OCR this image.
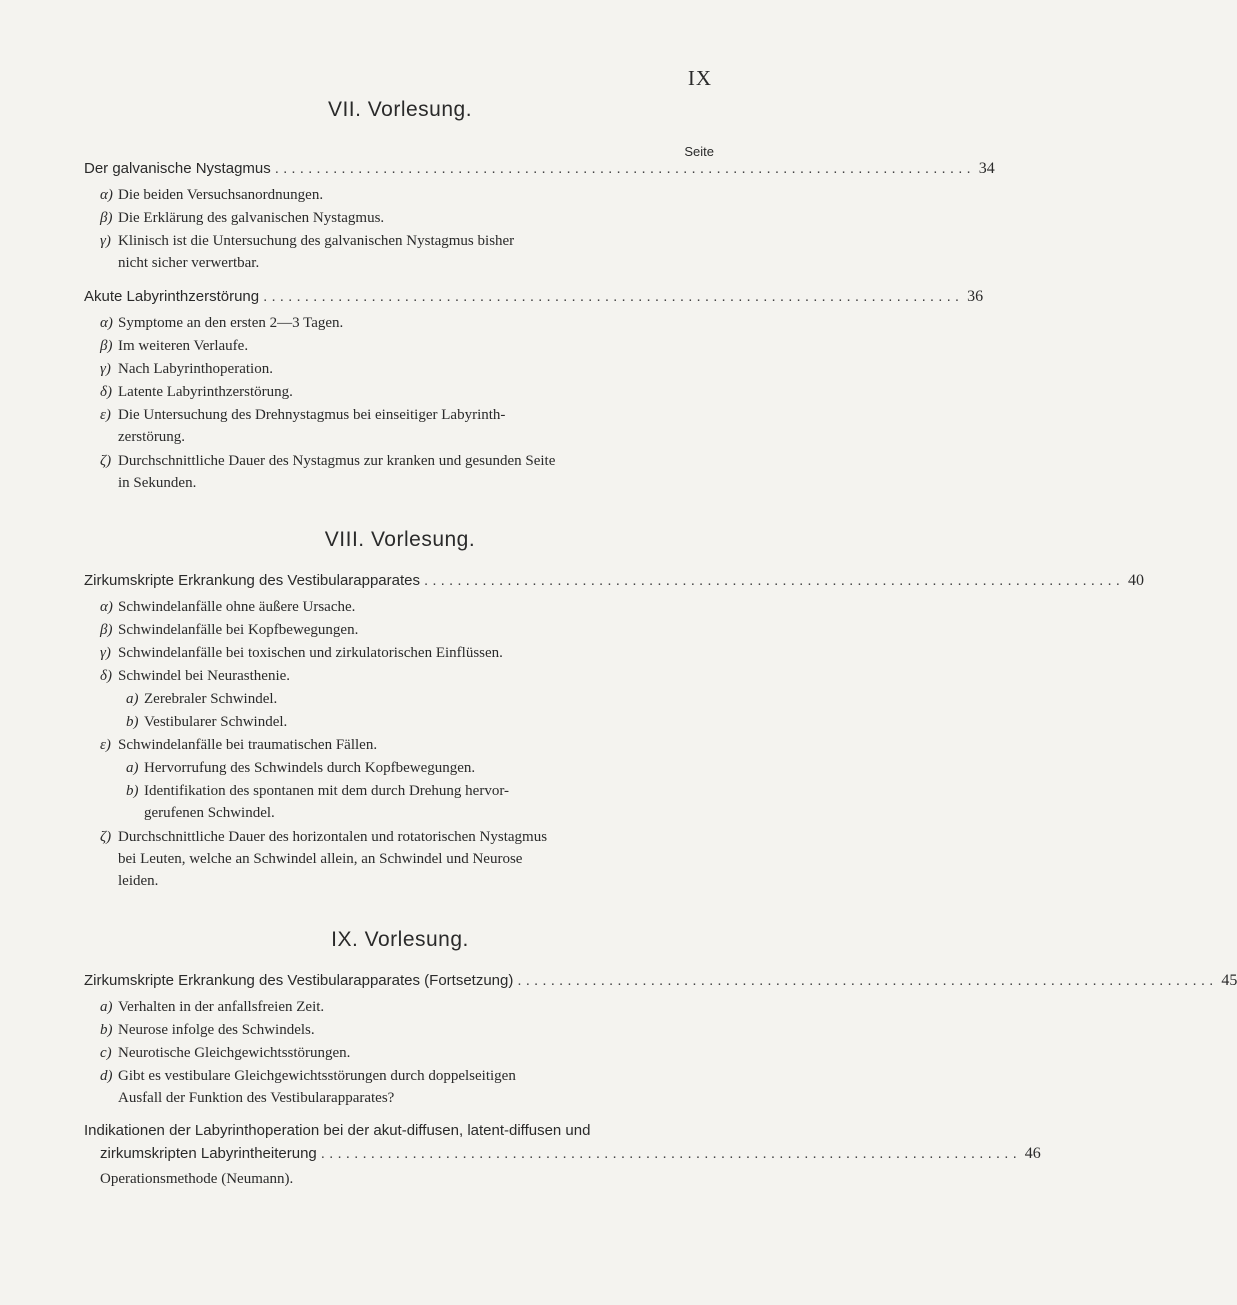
IX
VII. Vorlesung.
Seite
Der galvanische Nystagmus . . .	34
α) Die beiden Versuchsanordnungen.
β) Die Erklärung des galvanischen Nystagmus.
γ) Klinisch ist die Untersuchung des galvanischen Nystagmus bisher
nicht sicher verwertbar.
Akute Labyrinthzerstörung . . .	36
α) Symptome an den ersten 2—3 Tagen.
β) Im weiteren Verlaufe.
γ) Nach Labyrinthoperation.
δ) Latente Labyrinthzerstörung.
ε) Die Untersuchung des Drehnystagmus bei einseitiger Labyrinth-
zerstörung.
ζ) Durchschnittliche Dauer des Nystagmus zur kranken und gesunden Seite
in Sekunden.
VIII. Vorlesung.
Zirkumskripte Erkrankung des Vestibularapparates . . .	40
α) Schwindelanfälle ohne äußere Ursache.
β) Schwindelanfälle bei Kopfbewegungen.
γ) Schwindelanfälle bei toxischen und zirkulatorischen Einflüssen.
δ) Schwindel bei Neurasthenie.
a) Zerebraler Schwindel.
b) Vestibularer Schwindel.
ε) Schwindelanfälle bei traumatischen Fällen.
a) Hervorrufung des Schwindels durch Kopfbewegungen.
b) Identifikation des spontanen mit dem durch Drehung hervor-
gerufenen Schwindel.
ζ) Durchschnittliche Dauer des horizontalen und rotatorischen Nystagmus
bei Leuten, welche an Schwindel allein, an Schwindel und Neurose
leiden.
IX. Vorlesung.
Zirkumskripte Erkrankung des Vestibularapparates (Fortsetzung) . . .	45
a) Verhalten in der anfallsfreien Zeit.
b) Neurose infolge des Schwindels.
c) Neurotische Gleichgewichtsstörungen.
d) Gibt es vestibulare Gleichgewichtsstörungen durch doppelseitigen
Ausfall der Funktion des Vestibularapparates?
Indikationen der Labyrinthoperation bei der akut-diffusen, latent-diffusen und
zirkumskripten Labyrintheiterung . . .	46
Operationsmethode (Neumann).
